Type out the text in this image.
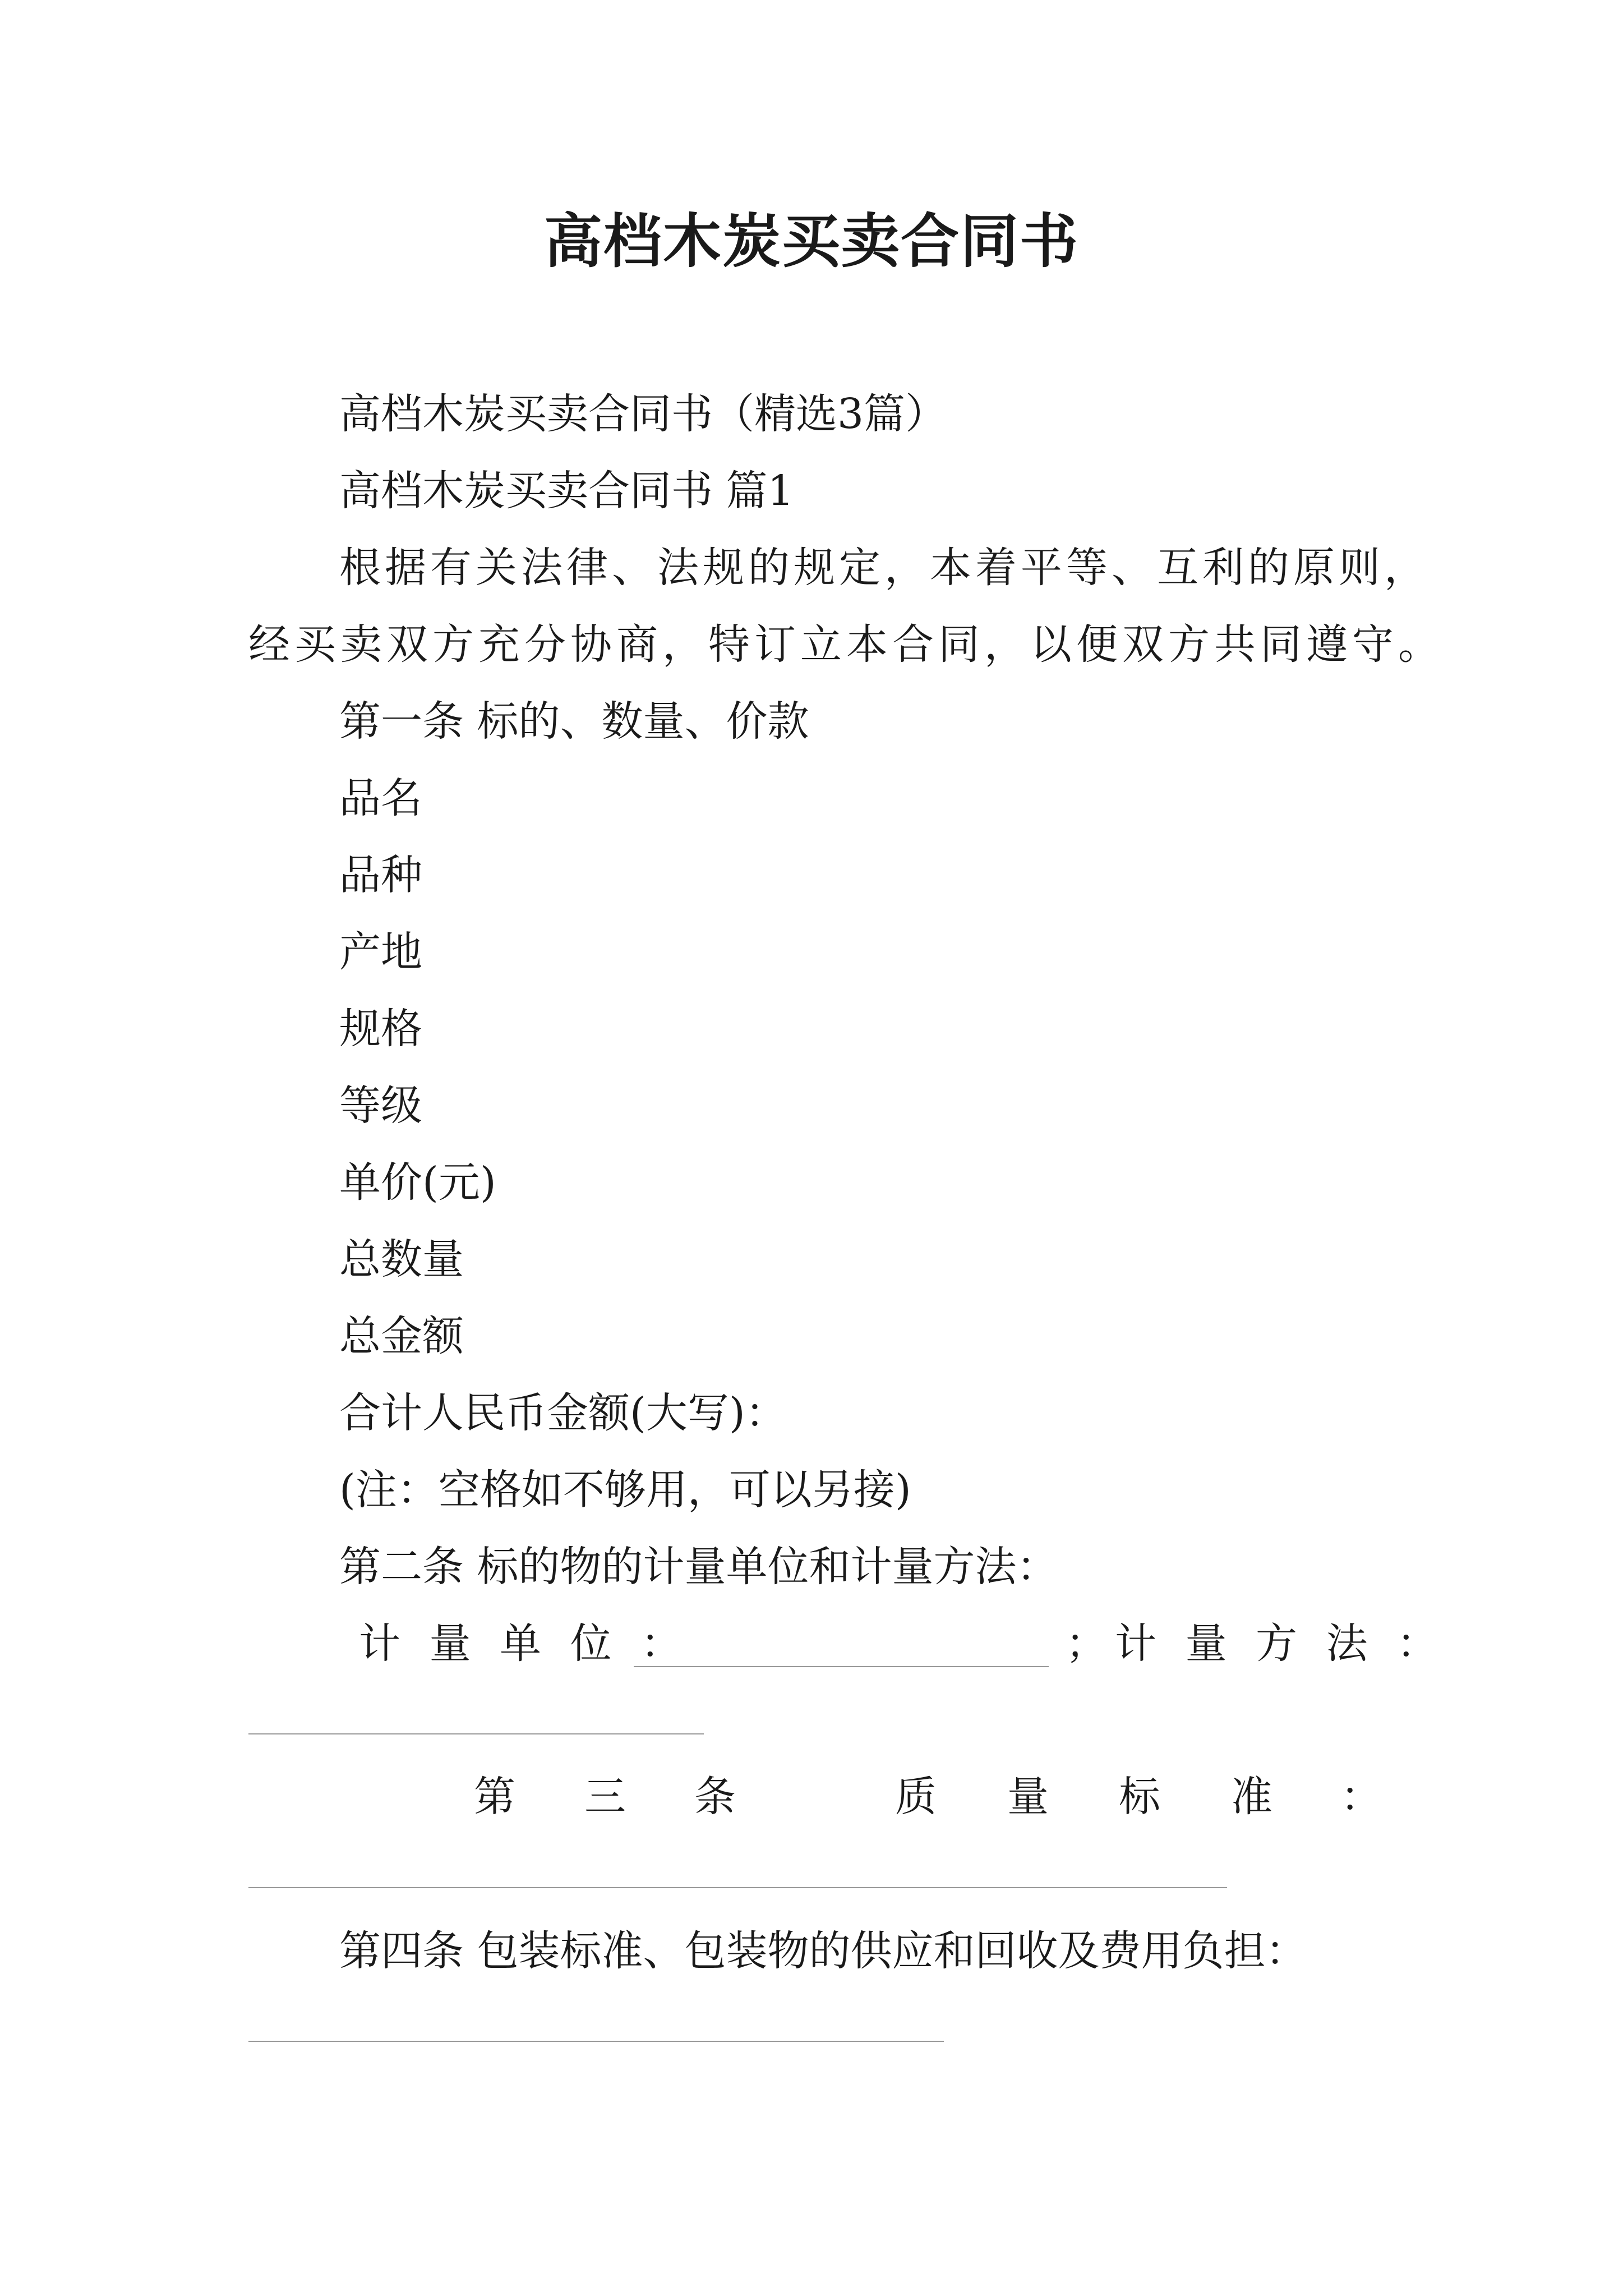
高档木炭买卖合同书
高档木炭买卖合同书（精选3篇）
高档木炭买卖合同书 篇1
根据有关法律、法规的规定，本着平等、互利的原则，
经买卖双方充分协商，特订立本合同，以便双方共同遵守。
第一条 标的、数量、价款
品名
品种
产地
规格
等级
单价(元)
总数量
总金额
合计人民币金额(大写)：
(注：空格如不够用，可以另接)
第二条 标的物的计量单位和计量方法：
计 量 单 位 ：	；计 量 方 法 ：
第 三 条	质 量 标 准 ：
第四条 包装标准、包装物的供应和回收及费用负担：
